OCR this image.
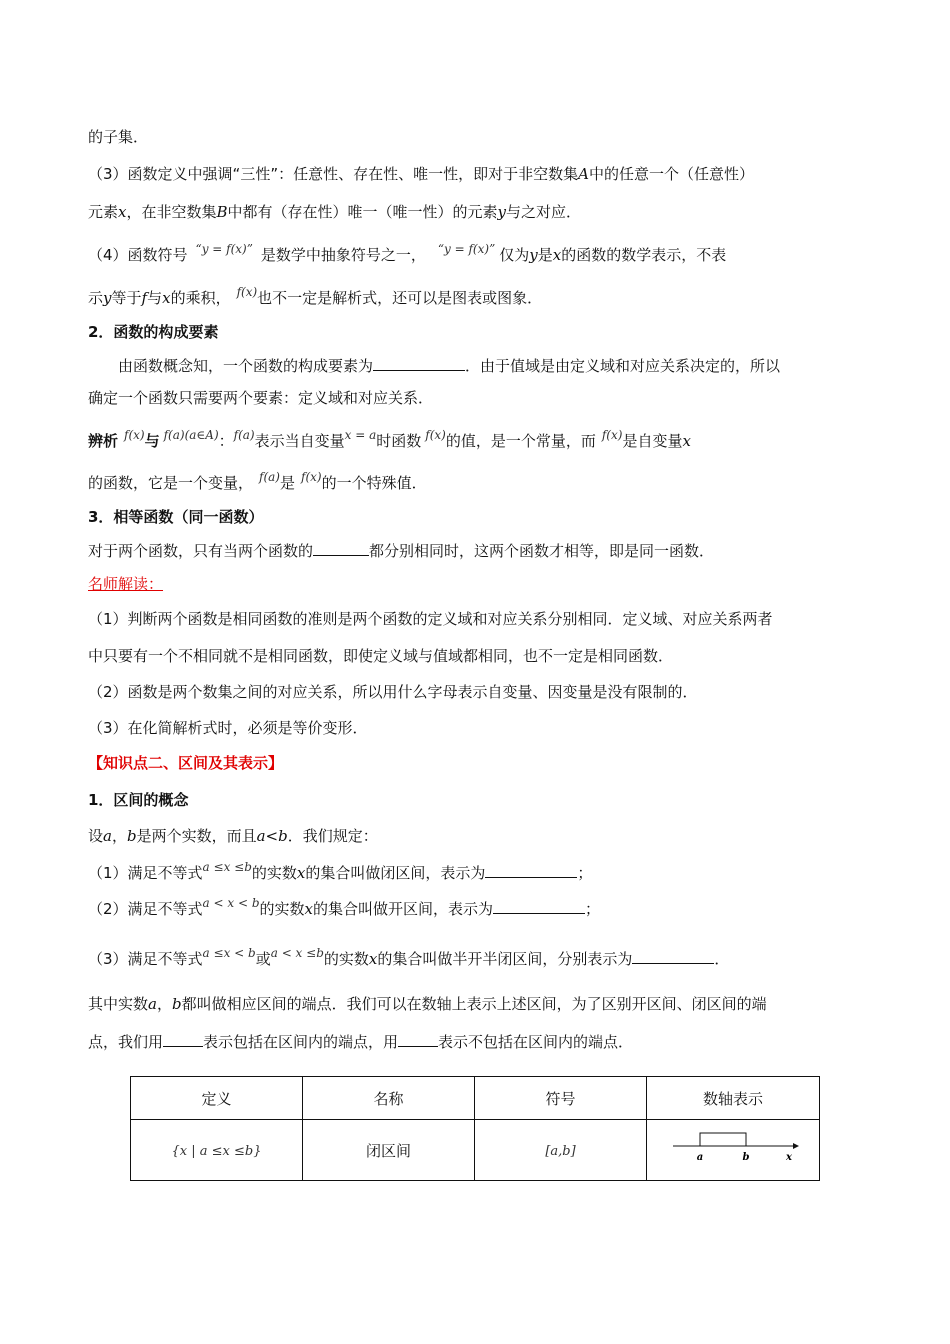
的子集．
（3）函数定义中强调“三性”：任意性、存在性、唯一性，即对于非空数集A中的任意一个（任意性）
元素x，在非空数集B中都有（存在性）唯一（唯一性）的元素y与之对应．
（4）函数符号 $^{“y = f(x)”}$ 是数学中抽象符号之一， $^{“y = f(x)”}$ 仅为y是x的函数的数学表示，不表
示y等于f与x的乘积， $^{f(x)}$也不一定是解析式，还可以是图表或图象．
2．函数的构成要素
由函数概念知，一个函数的构成要素为	．由于值域是由定义域和对应关系决定的，所以
确定一个函数只需要两个要素：定义域和对应关系．
辨析 $^{f(x)}$与 $^{f(a)(a\in A)}$：$^{f(a)}$表示当自变量$^{x = a}$时函数 $^{f(x)}$的值，是一个常量，而 $^{f(x)}$是自变量x
的函数，它是一个变量， $^{f(a)}$是 $^{f(x)}$的一个特殊值．
3．相等函数（同一函数）
对于两个函数，只有当两个函数的	都分别相同时，这两个函数才相等，即是同一函数．
名师解读：
（1）判断两个函数是相同函数的准则是两个函数的定义域和对应关系分别相同．定义域、对应关系两者
中只要有一个不相同就不是相同函数，即使定义域与值域都相同，也不一定是相同函数．
（2）函数是两个数集之间的对应关系，所以用什么字母表示自变量、因变量是没有限制的．
（3）在化简解析式时，必须是等价变形．
【知识点二、区间及其表示】
1．区间的概念
设a，b是两个实数，而且a<b．我们规定：
（1）满足不等式$^{a \le x \le b}$的实数x的集合叫做闭区间，表示为	；
（2）满足不等式$^{a < x < b}$的实数x的集合叫做开区间，表示为	；
（3）满足不等式$^{a \le x < b}$或$^{a < x \le b}$的实数x的集合叫做半开半闭区间，分别表示为	．
其中实数a，b都叫做相应区间的端点．我们可以在数轴上表示上述区间，为了区别开区间、闭区间的端
点，我们用	表示包括在区间内的端点，用	表示不包括在区间内的端点．
定义	名称	符号	数轴表示
{x | a ≤x ≤b}	闭区间	[a,b]	a b x
